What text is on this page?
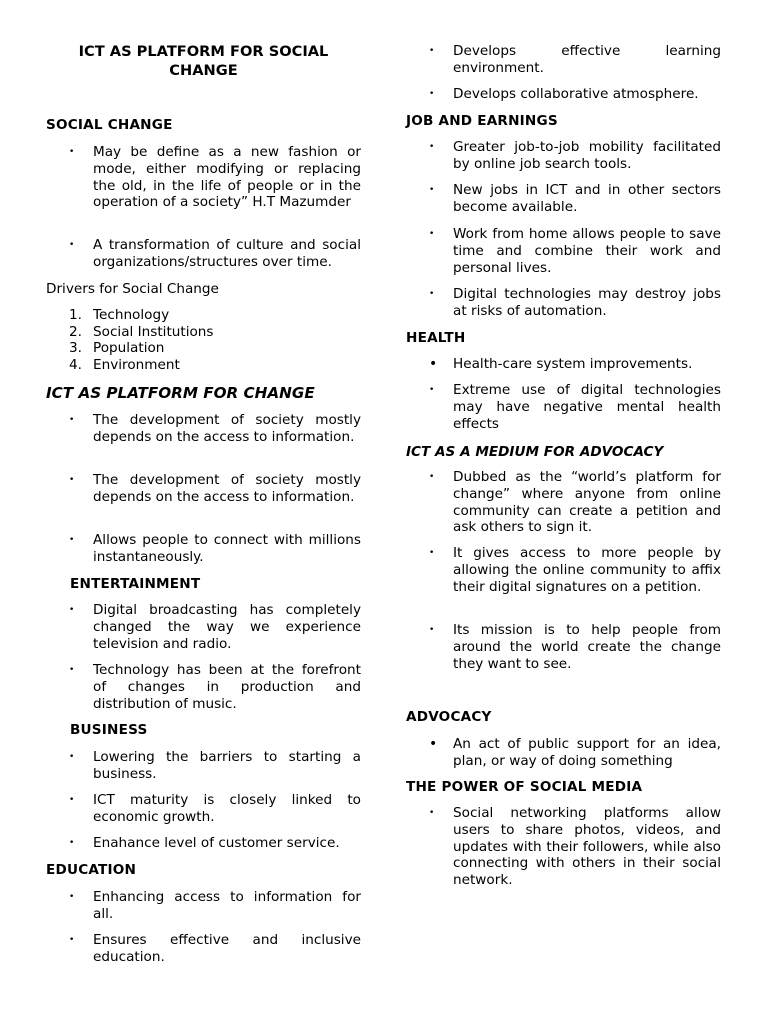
ICT AS PLATFORM FOR SOCIAL CHANGE
SOCIAL CHANGE
• May be define as a new fashion or mode, either modifying or replacing the old, in the life of people or in the operation of a society” H.T Mazumder

• A transformation of culture and social organizations/structures over time.

Drivers for Social Change

1. Technology
2. Social Institutions
3. Population
4. Environment
ICT AS PLATFORM FOR CHANGE
• The development of society mostly depends on the access to information.

• The development of society mostly depends on the access to information.

• Allows people to connect with millions instantaneously.

ENTERTAINMENT
• Digital broadcasting has completely changed the way we experience television and radio.

• Technology has been at the forefront of changes in production and distribution of music.

BUSINESS
• Lowering the barriers to starting a business.

• ICT maturity is closely linked to economic growth.

• Enahance level of customer service.

EDUCATION
• Enhancing access to information for all.

• Ensures effective and inclusive education.

• Develops effective learning environment.

• Develops collaborative atmosphere.

JOB AND EARNINGS
• Greater job-to-job mobility facilitated by online job search tools.

• New jobs in ICT and in other sectors become available.

• Work from home allows people to save time and combine their work and personal lives.

• Digital technologies may destroy jobs at risks of automation.

HEALTH
• Health-care system improvements.

• Extreme use of digital technologies may have negative mental health effects

ICT AS A MEDIUM FOR ADVOCACY
• Dubbed as the “world’s platform for change” where anyone from online community can create a petition and ask others to sign it.

• It gives access to more people by allowing the online community to affix their digital signatures on a petition.

• Its mission is to help people from around the world create the change they want to see.

ADVOCACY
• An act of public support for an idea, plan, or way of doing something

THE POWER OF SOCIAL MEDIA
• Social networking platforms allow users to share photos, videos, and updates with their followers, while also connecting with others in their social network.
